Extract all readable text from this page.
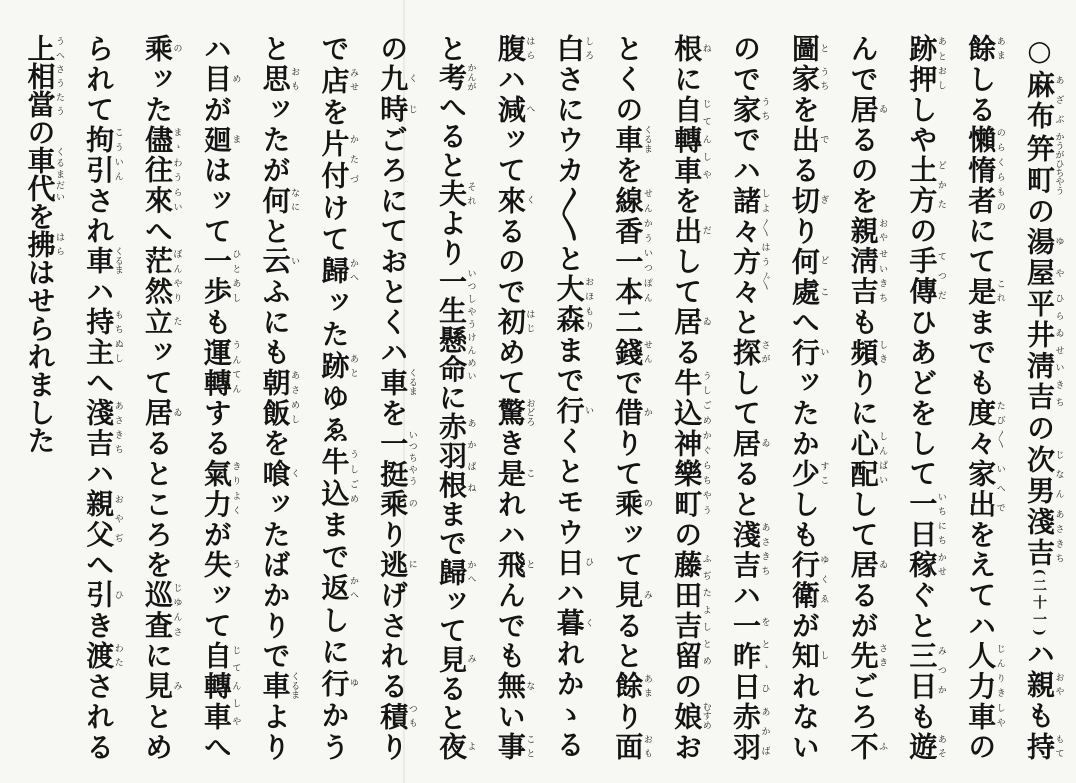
○麻布あざぶ笄町かうがひちやうの湯屋ゆや平井淸吉ひらゐせいきちの次男じなん淺吉あさきち(二十一)ハ親おやも持もて
餘あましる懶惰者のらくらものにて是これまでも度々たび〳〵家出いへでをえてハ人力車じんりきしやの
跡押あとおししや土方どかたの手傳てつだひあどをして一日いちにち稼かせぐと三日みつかも遊あそ
んで居ゐるのを親おや淸吉せいきちも頻しきりに心配しんぱいして居ゐるが先さきごろ不ふ
圖と家うちを出でる切ぎり何處どこへ行いッたか少すこしも行衛ゆくゑが知しれない
ので家うちでハ諸々方々しよ〳〵はう〴〵と探さがして居ゐると淺吉あさきちハ一昨日をとゝひ赤羽あかば
根ねに自轉車じてんしやを出だして居ゐる牛込神樂町うしごめかぐらちやうの藤田吉留ふぢたよしとめの娘むすめお
とくの車くるまを線香一本せんかういつぽん二錢せんで借かりて乘のッて見みると餘あまり面おも
白しろさにウカ〳〵と大森おほもりまで行いくとモウ日ひハ暮くれかゝる
腹はらハ減へッて來くるので初はじめて驚おどろき是これハ飛とんでも無ない事こと
と考かんがへると夫それより一生懸命いつしやうけんめいに赤羽根あかばねまで歸かへッて見みると夜よ
の九時くじごろにておとくハ車くるまを一挺いつちやう乘のり逃にげされる積つもり
で店みせを片付かたづけて歸かへッた跡あとゆゑ牛込うしごめまで返かへしに行ゆかう
と思おもッたが何なにと云いふにも朝飯あさめしを喰くッたばかりで車くるまより
ハ目めが廻まはッて一歩ひとあしも運轉うんてんする氣力きりよくが失うッて自轉車じてんしやへ
乘のッた儘まゝ往來わうらいへ茫然ぼんやり立たッて居ゐるところを巡査じゆんさに見みとめ
られて拘引こういんされ車くるまハ持主もちぬしへ淺吉あさきちハ親父おやぢへ引ひき渡わたされる
上相當うへさうたうの車代くるまだいを拂はらはせられました
